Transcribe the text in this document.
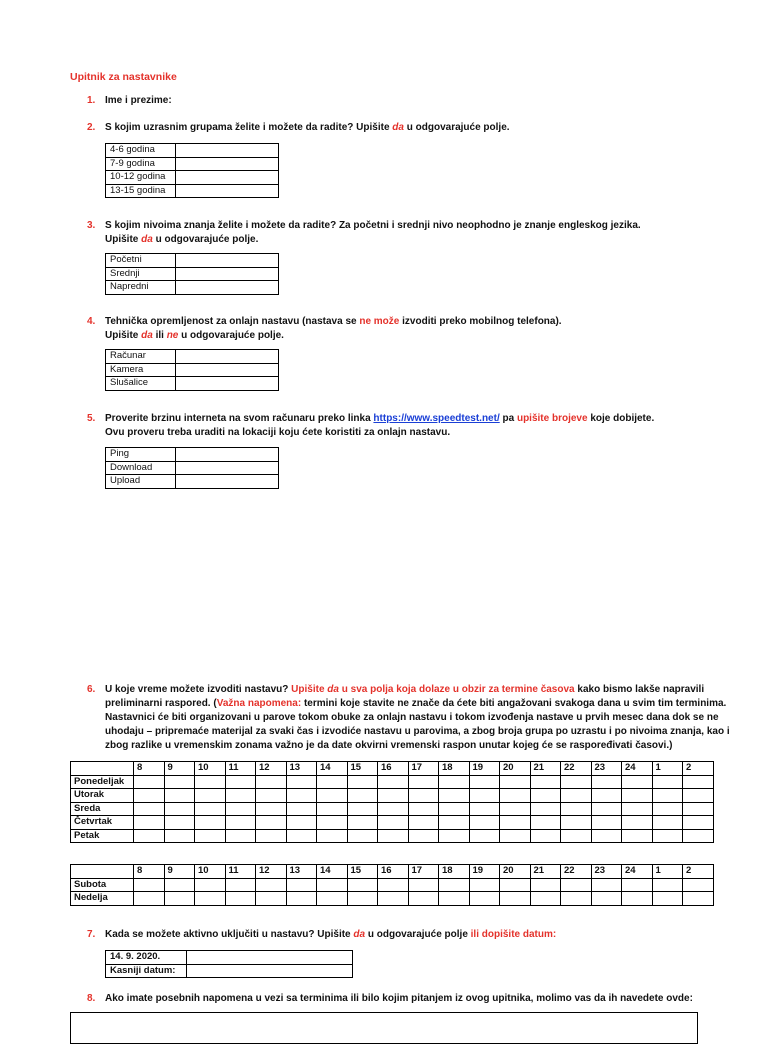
Upitnik za nastavnike
1. Ime i prezime:
2. S kojim uzrasnim grupama želite i možete da radite? Upišite da u odgovarajuće polje.
4-6 godina	
7-9 godina	
10-12 godina	
13-15 godina	
3. S kojim nivoima znanja želite i možete da radite? Za početni i srednji nivo neophodno je znanje engleskog jezika.
Upišite da u odgovarajuće polje.
Početni	
Srednji	
Napredni	
4. Tehnička opremljenost za onlajn nastavu (nastava se ne može izvoditi preko mobilnog telefona).
Upišite da ili ne u odgovarajuće polje.
Računar	
Kamera	
Slušalice	
5. Proverite brzinu interneta na svom računaru preko linka https://www.speedtest.net/ pa upišite brojeve koje dobijete.
Ovu proveru treba uraditi na lokaciji koju ćete koristiti za onlajn nastavu.
Ping	
Download	
Upload	
6. U koje vreme možete izvoditi nastavu? Upišite da u sva polja koja dolaze u obzir za termine časova kako bismo lakše napravili
preliminarni raspored. (Važna napomena: termini koje stavite ne znače da ćete biti angažovani svakoga dana u svim tim terminima.
Nastavnici će biti organizovani u parove tokom obuke za onlajn nastavu i tokom izvođenja nastave u prvih mesec dana dok se ne
uhodaju – pripremaće materijal za svaki čas i izvodiće nastavu u parovima, a zbog broja grupa po uzrastu i po nivoima znanja, kao i
zbog razlike u vremenskim zonama važno je da date okvirni vremenski raspon unutar kojeg će se raspoređivati časovi.)
	8	9	10	11	12	13	14	15	16	17	18	19	20	21	22	23	24	1	2
Ponedeljak																			
Utorak																			
Sreda																			
Četvrtak																			
Petak																			
	8	9	10	11	12	13	14	15	16	17	18	19	20	21	22	23	24	1	2
Subota																			
Nedelja																			
7. Kada se možete aktivno uključiti u nastavu? Upišite da u odgovarajuće polje ili dopišite datum:
14. 9. 2020.	
Kasniji datum:	
8. Ako imate posebnih napomena u vezi sa terminima ili bilo kojim pitanjem iz ovog upitnika, molimo vas da ih navedete ovde:
